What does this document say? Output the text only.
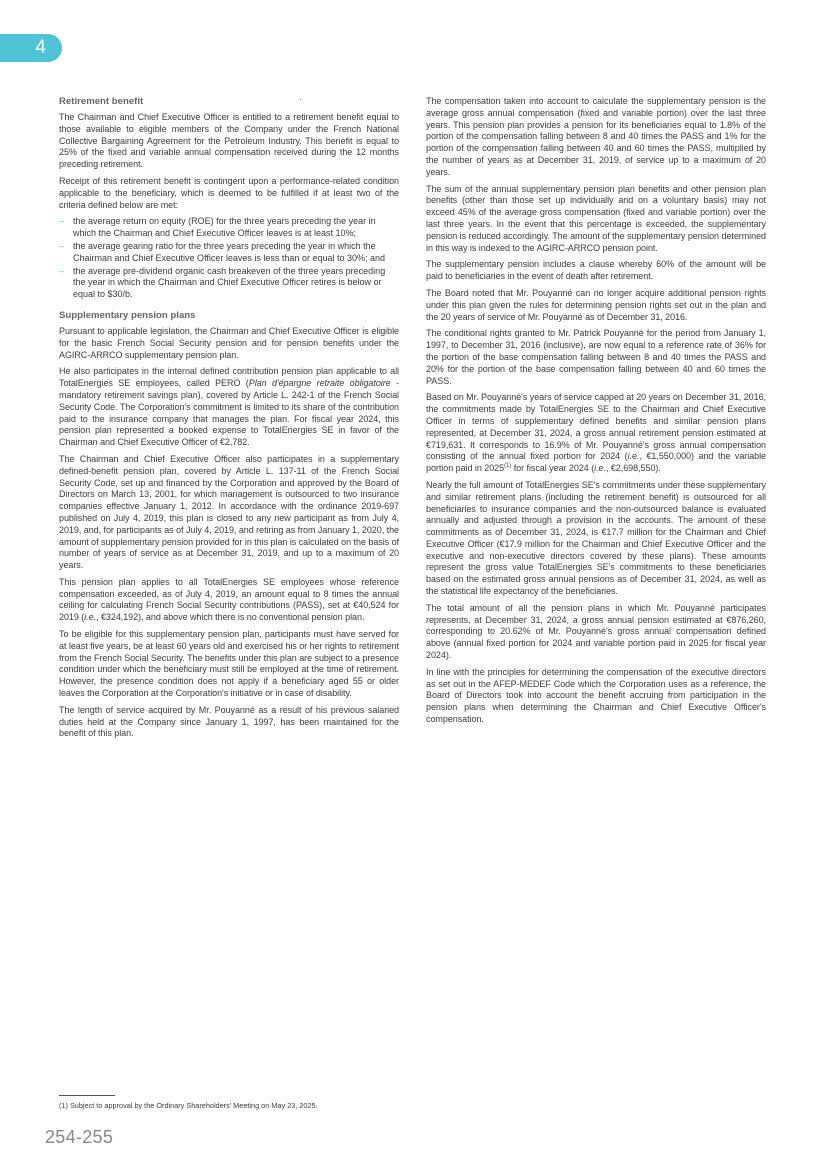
4
Retirement benefit

The Chairman and Chief Executive Officer is entitled to a retirement benefit equal to those available to eligible members of the Company under the French National Collective Bargaining Agreement for the Petroleum Industry. This benefit is equal to 25% of the fixed and variable annual compensation received during the 12 months preceding retirement.

Receipt of this retirement benefit is contingent upon a performance-related condition applicable to the beneficiary, which is deemed to be fulfilled if at least two of the criteria defined below are met:

– the average return on equity (ROE) for the three years preceding the year in which the Chairman and Chief Executive Officer leaves is at least 10%;
– the average gearing ratio for the three years preceding the year in which the Chairman and Chief Executive Officer leaves is less than or equal to 30%; and
– the average pre-dividend organic cash breakeven of the three years preceding the year in which the Chairman and Chief Executive Officer retires is below or equal to $30/b.
Supplementary pension plans

Pursuant to applicable legislation, the Chairman and Chief Executive Officer is eligible for the basic French Social Security pension and for pension benefits under the AGIRC-ARRCO supplementary pension plan.

He also participates in the internal defined contribution pension plan applicable to all TotalEnergies SE employees, called PERO (Plan d'épargne retraite obligatoire - mandatory retirement savings plan), covered by Article L. 242-1 of the French Social Security Code. The Corporation's commitment is limited to its share of the contribution paid to the insurance company that manages the plan. For fiscal year 2024, this pension plan represented a booked expense to TotalEnergies SE in favor of the Chairman and Chief Executive Officer of €2,782.

The Chairman and Chief Executive Officer also participates in a supplementary defined-benefit pension plan, covered by Article L. 137-11 of the French Social Security Code, set up and financed by the Corporation and approved by the Board of Directors on March 13, 2001, for which management is outsourced to two insurance companies effective January 1, 2012. In accordance with the ordinance 2019-697 published on July 4, 2019, this plan is closed to any new participant as from July 4, 2019, and, for participants as of July 4, 2019, and retiring as from January 1, 2020, the amount of supplementary pension provided for in this plan is calculated on the basis of number of years of service as at December 31, 2019, and up to a maximum of 20 years.

This pension plan applies to all TotalEnergies SE employees whose reference compensation exceeded, as of July 4, 2019, an amount equal to 8 times the annual ceiling for calculating French Social Security contributions (PASS), set at €40,524 for 2019 (i.e., €324,192), and above which there is no conventional pension plan.

To be eligible for this supplementary pension plan, participants must have served for at least five years, be at least 60 years old and exercised his or her rights to retirement from the French Social Security. The benefits under this plan are subject to a presence condition under which the beneficiary must still be employed at the time of retirement. However, the presence condition does not apply if a beneficiary aged 55 or older leaves the Corporation at the Corporation's initiative or in case of disability.

The length of service acquired by Mr. Pouyanné as a result of his previous salaried duties held at the Company since January 1, 1997, has been maintained for the benefit of this plan.

The compensation taken into account to calculate the supplementary pension is the average gross annual compensation (fixed and variable portion) over the last three years. This pension plan provides a pension for its beneficiaries equal to 1.8% of the portion of the compensation falling between 8 and 40 times the PASS and 1% for the portion of the compensation falling between 40 and 60 times the PASS, multiplied by the number of years as at December 31, 2019, of service up to a maximum of 20 years.

The sum of the annual supplementary pension plan benefits and other pension plan benefits (other than those set up individually and on a voluntary basis) may not exceed 45% of the average gross compensation (fixed and variable portion) over the last three years. In the event that this percentage is exceeded, the supplementary pension is reduced accordingly. The amount of the supplementary pension determined in this way is indexed to the AGIRC-ARRCO pension point.

The supplementary pension includes a clause whereby 60% of the amount will be paid to beneficiaries in the event of death after retirement.

The Board noted that Mr. Pouyanné can no longer acquire additional pension rights under this plan given the rules for determining pension rights set out in the plan and the 20 years of service of Mr. Pouyanné as of December 31, 2016.

The conditional rights granted to Mr. Patrick Pouyanné for the period from January 1, 1997, to December 31, 2016 (inclusive), are now equal to a reference rate of 36% for the portion of the base compensation falling between 8 and 40 times the PASS and 20% for the portion of the base compensation falling between 40 and 60 times the PASS.

Based on Mr. Pouyanné's years of service capped at 20 years on December 31, 2016, the commitments made by TotalEnergies SE to the Chairman and Chief Executive Officer in terms of supplementary defined benefits and similar pension plans represented, at December 31, 2024, a gross annual retirement pension estimated at €719,631. It corresponds to 16.9% of Mr. Pouyanné's gross annual compensation consisting of the annual fixed portion for 2024 (i.e., €1,550,000) and the variable portion paid in 2025$^{(1)}$ for fiscal year 2024 (i.e., €2,698,550).

Nearly the full amount of TotalEnergies SE's commitments under these supplementary and similar retirement plans (including the retirement benefit) is outsourced for all beneficiaries to insurance companies and the non-outsourced balance is evaluated annually and adjusted through a provision in the accounts. The amount of these commitments as of December 31, 2024, is €17.7 million for the Chairman and Chief Executive Officer (€17.9 million for the Chairman and Chief Executive Officer and the executive and non-executive directors covered by these plans). These amounts represent the gross value TotalEnergies SE's commitments to these beneficiaries based on the estimated gross annual pensions as of December 31, 2024, as well as the statistical life expectancy of the beneficiaries.

The total amount of all the pension plans in which Mr. Pouyanné participates represents, at December 31, 2024, a gross annual pension estimated at €876,260, corresponding to 20.62% of Mr. Pouyanné's gross annual compensation defined above (annual fixed portion for 2024 and variable portion paid in 2025 for fiscal year 2024).

In line with the principles for determining the compensation of the executive directors as set out in the AFEP-MEDEF Code which the Corporation uses as a reference, the Board of Directors took into account the benefit accruing from participation in the pension plans when determining the Chairman and Chief Executive Officer's compensation.

(1) Subject to approval by the Ordinary Shareholders' Meeting on May 23, 2025.
254-255
